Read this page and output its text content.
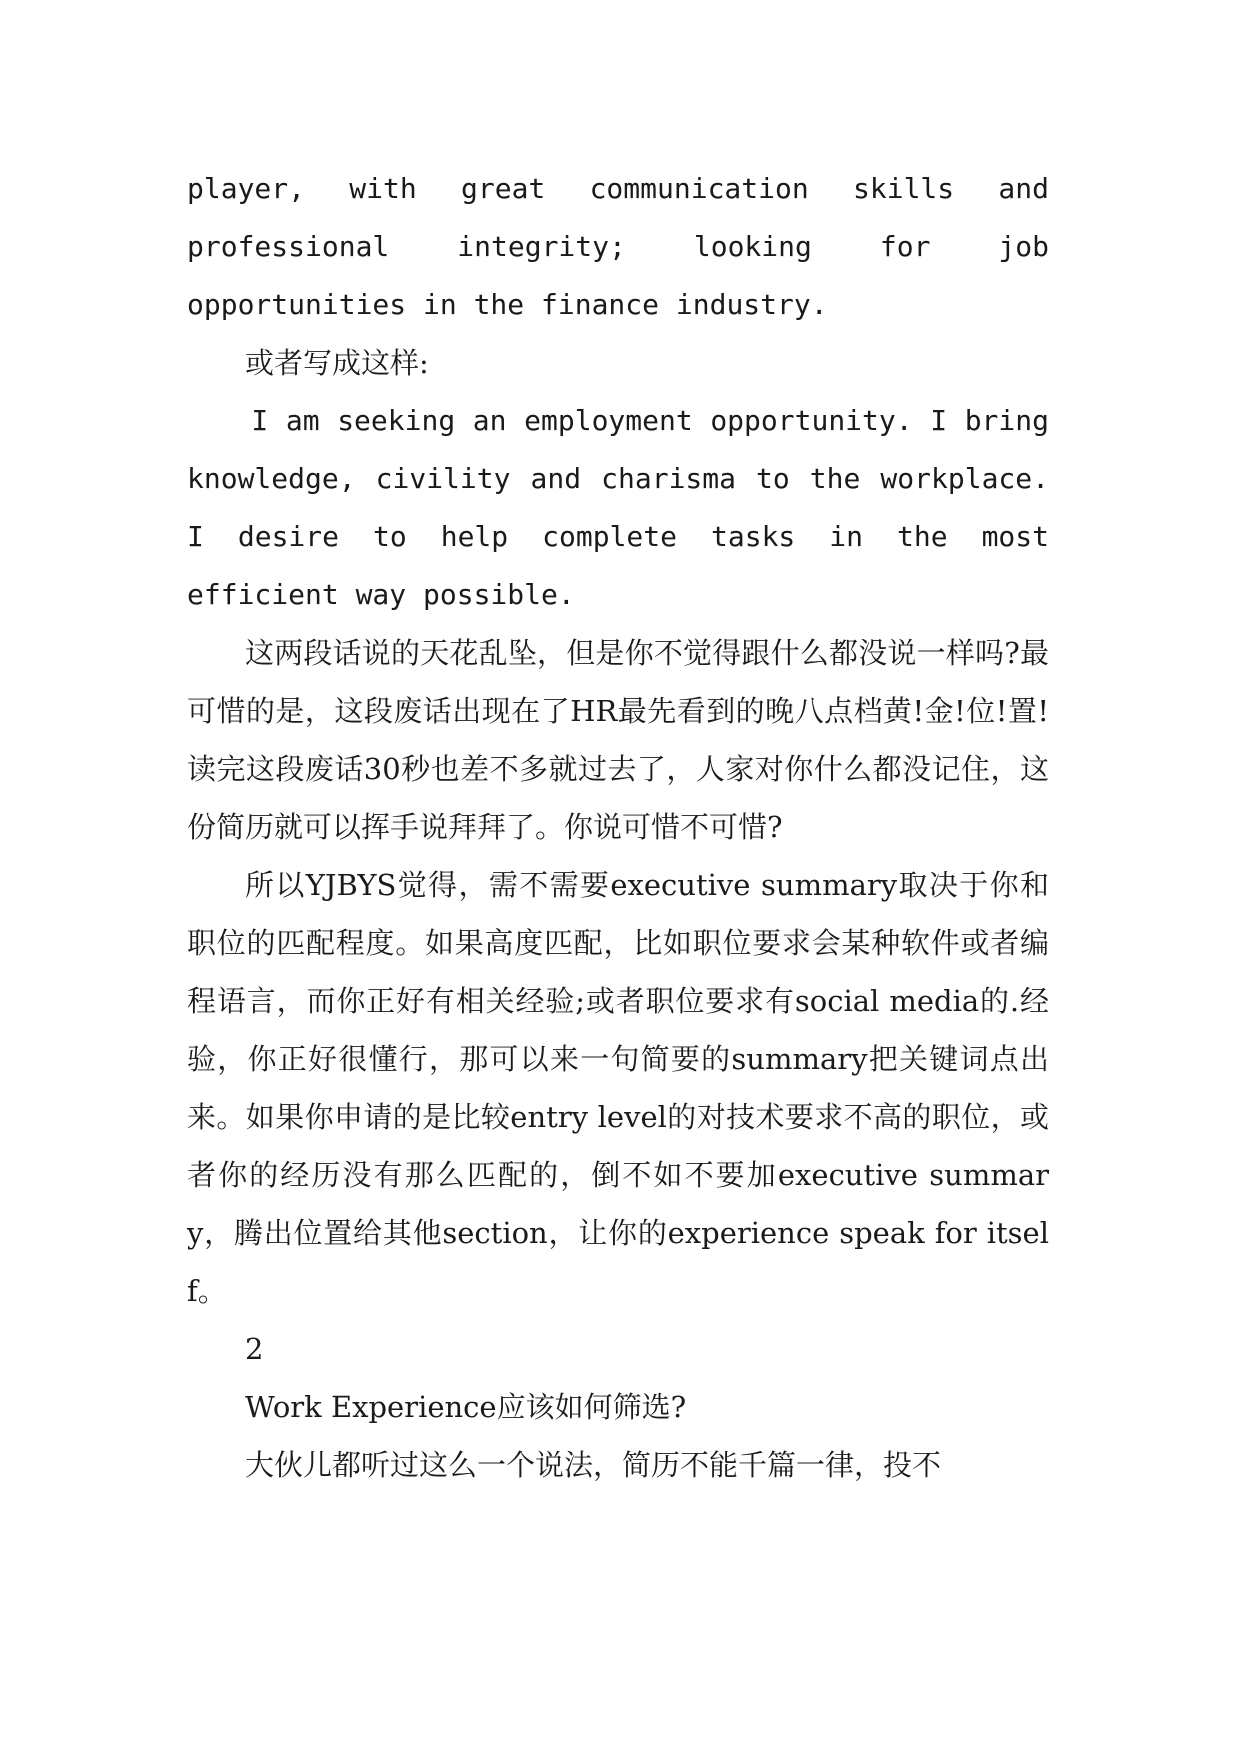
player, with great communication skills and professional integrity; looking for job opportunities in the finance industry.

或者写成这样:

I am seeking an employment opportunity. I bring knowledge, civility and charisma to the workplace. I desire to help complete tasks in the most efficient way possible.

这两段话说的天花乱坠，但是你不觉得跟什么都没说一样吗?最可惜的是，这段废话出现在了HR最先看到的晚八点档黄!金!位!置!读完这段废话30秒也差不多就过去了，人家对你什么都没记住，这份简历就可以挥手说拜拜了。你说可惜不可惜?

所以YJBYS觉得，需不需要executive summary取决于你和职位的匹配程度。如果高度匹配，比如职位要求会某种软件或者编程语言，而你正好有相关经验;或者职位要求有social media的.经验，你正好很懂行，那可以来一句简要的summary把关键词点出来。如果你申请的是比较entry level的对技术要求不高的职位，或者你的经历没有那么匹配的，倒不如不要加executive summary，腾出位置给其他section，让你的experience speak for itself。

2

Work Experience应该如何筛选?

大伙儿都听过这么一个说法，简历不能千篇一律，投不
